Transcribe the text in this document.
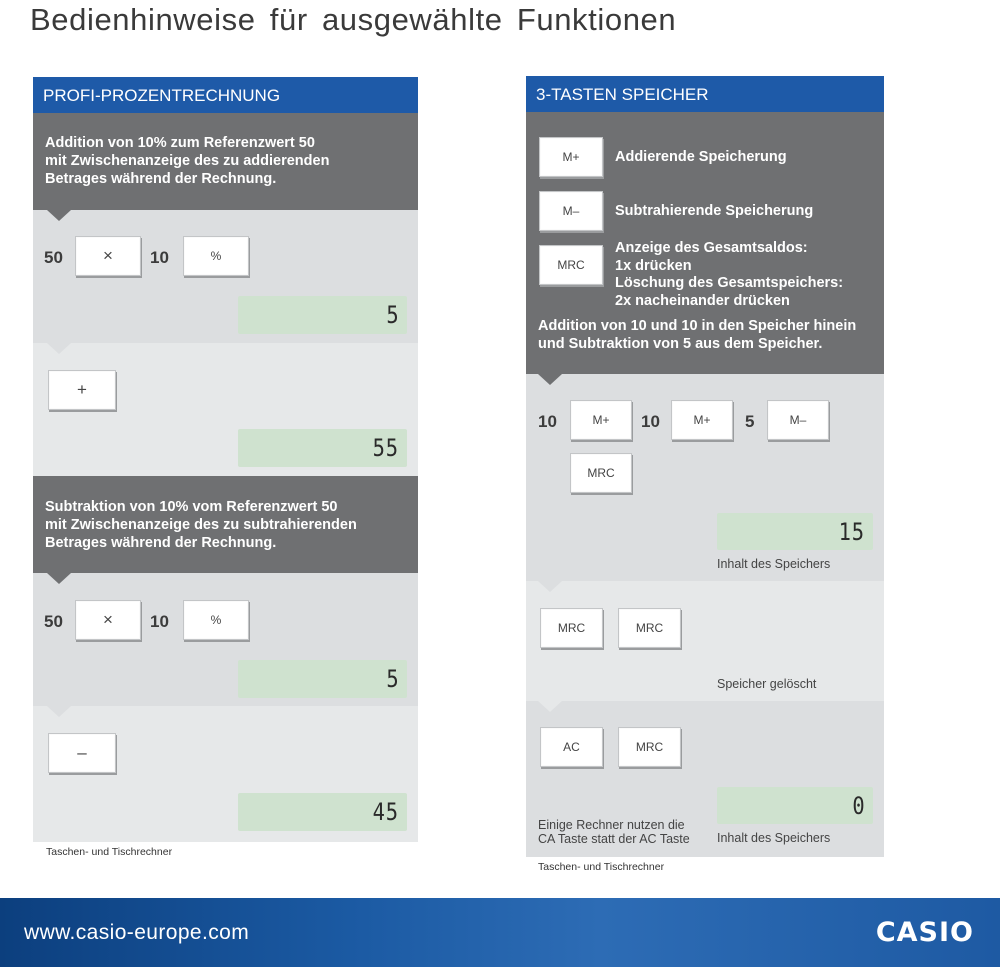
Bedienhinweise für ausgewählte Funktionen
PROFI-PROZENTRECHNUNG
Addition von 10% zum Referenzwert 50
mit Zwischenanzeige des zu addierenden
Betrages während der Rechnung.
50	×	10	%
5
+
55
Subtraktion von 10% vom Referenzwert 50
mit Zwischenanzeige des zu subtrahierenden
Betrages während der Rechnung.
50	×	10	%
5
–
45
Taschen- und Tischrechner
3-TASTEN SPEICHER
M+	Addierende Speicherung
M–	Subtrahierende Speicherung
MRC
Anzeige des Gesamtsaldos:
1x drücken
Löschung des Gesamtspeichers:
2x nacheinander drücken
Addition von 10 und 10 in den Speicher hinein
und Subtraktion von 5 aus dem Speicher.
10	M+	10	M+	5	M–
MRC
15
Inhalt des Speichers
MRC	MRC
Speicher gelöscht
AC	MRC
Einige Rechner nutzen die
CA Taste statt der AC Taste
0
Inhalt des Speichers
Taschen- und Tischrechner
www.casio-europe.com	CASIO
